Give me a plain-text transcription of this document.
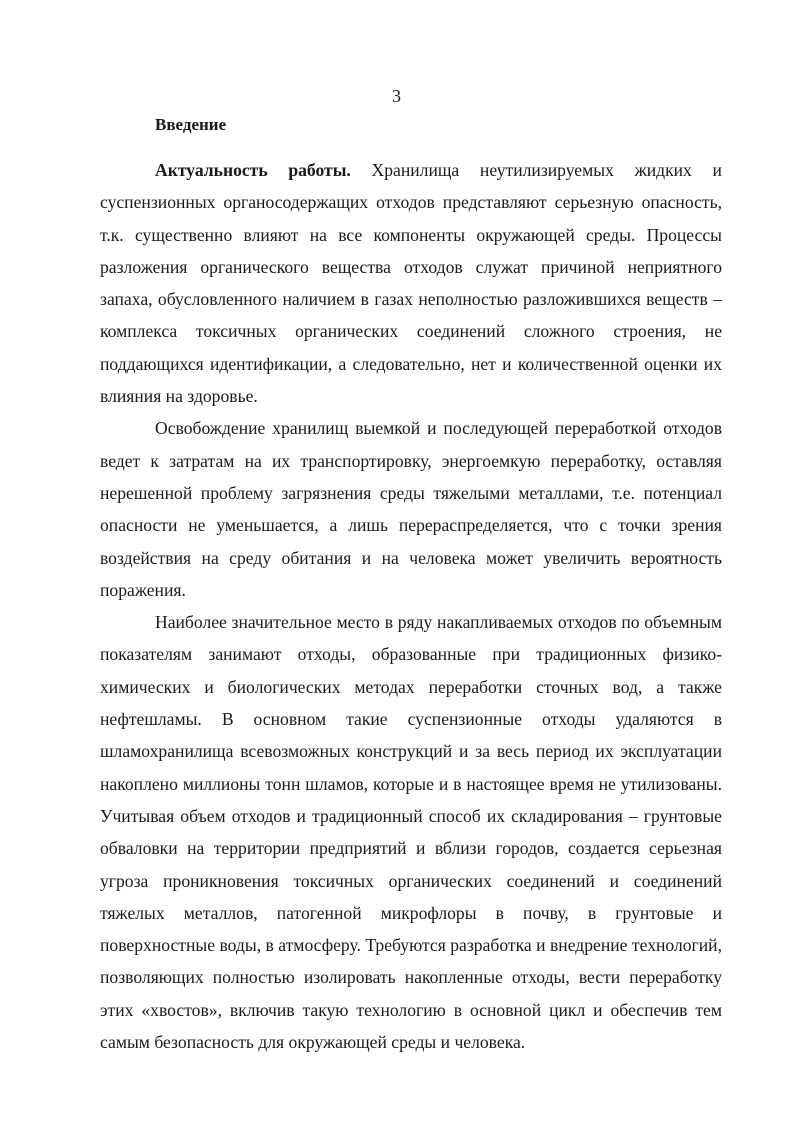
3
Введение

Актуальность работы. Хранилища неутилизируемых жидких и суспензионных органосодержащих отходов представляют серьезную опасность, т.к. существенно влияют на все компоненты окружающей среды. Процессы разложения органического вещества отходов служат причиной неприятного запаха, обусловленного наличием в газах неполностью разложившихся веществ – комплекса токсичных органических соединений сложного строения, не поддающихся идентификации, а следовательно, нет и количественной оценки их влияния на здоровье.

Освобождение хранилищ выемкой и последующей переработкой отходов ведет к затратам на их транспортировку, энергоемкую переработку, оставляя нерешенной проблему загрязнения среды тяжелыми металлами, т.е. потенциал опасности не уменьшается, а лишь перераспределяется, что с точки зрения воздействия на среду обитания и на человека может увеличить вероятность поражения.

Наиболее значительное место в ряду накапливаемых отходов по объемным показателям занимают отходы, образованные при традиционных физико-химических и биологических методах переработки сточных вод, а также нефтешламы. В основном такие суспензионные отходы удаляются в шламохранилища всевозможных конструкций и за весь период их эксплуатации накоплено миллионы тонн шламов, которые и в настоящее время не утилизованы. Учитывая объем отходов и традиционный способ их складирования – грунтовые обваловки на территории предприятий и вблизи городов, создается серьезная угроза проникновения токсичных органических соединений и соединений тяжелых металлов, патогенной микрофлоры в почву, в грунтовые и поверхностные воды, в атмосферу. Требуются разработка и внедрение технологий, позволяющих полностью изолировать накопленные отходы, вести переработку этих «хвостов», включив такую технологию в основной цикл и обеспечив тем самым безопасность для окружающей среды и человека.
